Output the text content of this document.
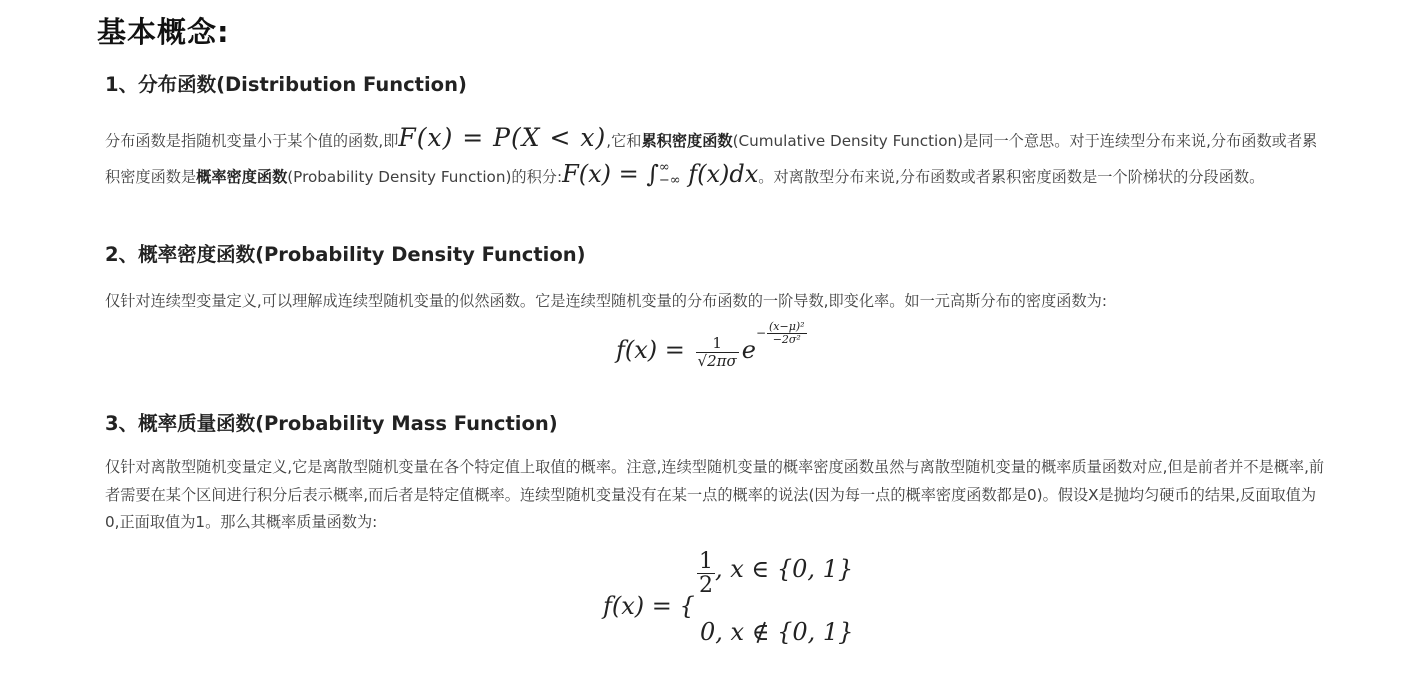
基本概念:
1、分布函数(Distribution Function)

分布函数是指随机变量小于某个值的函数,即F(x) = P(X < x),它和累积密度函数(Cumulative Density Function)是同一个意思。对于连续型分布来说,分布函数或者累积密度函数是概率密度函数(Probability Density Function)的积分:F(x) = ∫ ∞
−∞ f(x)dx。对离散型分布来说,分布函数或者累积密度函数是一个阶梯状的分段函数。

2、概率密度函数(Probability Density Function)

仅针对连续型变量定义,可以理解成连续型随机变量的似然函数。它是连续型随机变量的分布函数的一阶导数,即变化率。如一元高斯分布的密度函数为:

$f(x) = \frac{1}{√2\pi\sigma} e- \frac{\text{(x−μ)²}}{\text{−2σ²}}$
3、概率质量函数(Probability Mass Function)

仅针对离散型随机变量定义,它是离散型随机变量在各个特定值上取值的概率。注意,连续型随机变量的概率密度函数虽然与离散型随机变量的概率质量函数对应,但是前者并不是概率,前者需要在某个区间进行积分后表示概率,而后者是特定值概率。连续型随机变量没有在某一点的概率的说法(因为每一点的概率密度函数都是0)。假设X是抛均匀硬币的结果,反面取值为0,正面取值为1。那么其概率质量函数为:

f(x) = {
$\frac{1}{2}$ , x ∈ {0, 1}
0, x ∉ {0, 1}
